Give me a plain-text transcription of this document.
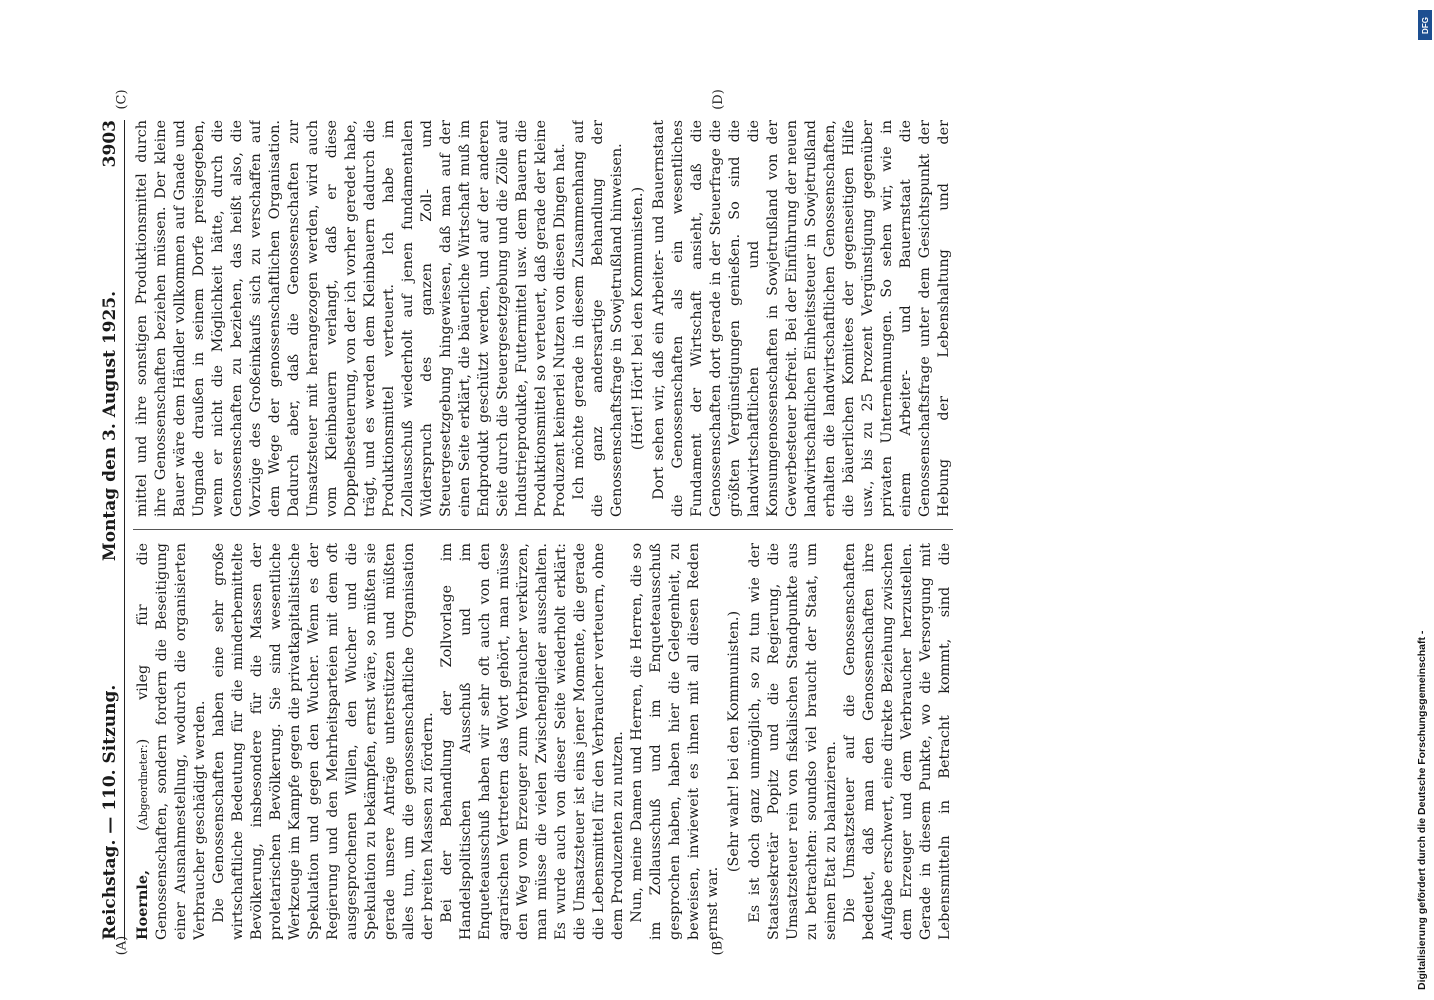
(A)	(B)
(C)	(D)
Reichstag. — 110. Sitzung.
Montag den 3. August 1925.
3903

Hoernle, (Abgeordneter:) vileg für die Genossenschaften, sondern fordern die Beseitigung einer Ausnahmestellung, wodurch die organisierten Verbraucher geschädigt werden. Die Genossenschaften haben eine sehr große wirtschaftliche Bedeutung für die minderbemittelte Bevölkerung, insbesondere für die Massen der proletarischen Bevölkerung. Sie sind wesentliche Werkzeuge im Kampfe gegen die privatkapitalistische Spekulation und gegen den Wucher. Wenn es der Regierung und den Mehrheitsparteien mit dem oft ausgesprochenen Willen, den Wucher und die Spekulation zu bekämpfen, ernst wäre, so müßten sie gerade unsere Anträge unterstützen und müßten alles tun, um die genossenschaftliche Organisation der breiten Massen zu fördern. Bei der Behandlung der Zollvorlage im Handelspolitischen Ausschuß und im Enqueteausschuß haben wir sehr oft auch von den agrarischen Vertretern das Wort gehört, man müsse den Weg vom Erzeuger zum Verbraucher verkürzen, man müsse die vielen Zwischenglieder ausschalten. Es wurde auch von dieser Seite wiederholt erklärt: die Umsatzsteuer ist eins jener Momente, die gerade die Lebensmittel für den Verbraucher verteuern, ohne dem Produzenten zu nutzen. Nun, meine Damen und Herren, die Herren, die so im Zollausschuß und im Enqueteausschuß gesprochen haben, haben hier die Gelegenheit, zu beweisen, inwieweit es ihnen mit all diesen Reden ernst war.

(Sehr wahr! bei den Kommunisten.) Es ist doch ganz unmöglich, so zu tun wie der Staatssekretär Popitz und die Regierung, die Umsatzsteuer rein von fiskalischen Standpunkte aus zu betrachten: soundso viel braucht der Staat, um seinen Etat zu balanzieren. Die Umsatzsteuer auf die Genossenschaften bedeutet, daß man den Genossenschaften ihre Aufgabe erschwert, eine direkte Beziehung zwischen dem Erzeuger und dem Verbraucher herzustellen. Gerade in diesem Punkte, wo die Versorgung mit Lebensmitteln in Betracht kommt, sind die

mittel und ihre sonstigen Produktionsmittel durch ihre Genossenschaften beziehen müssen. Der kleine Bauer wäre dem Händler vollkommen auf Gnade und Ungnade draußen in seinem Dorfe preisgegeben, wenn er nicht die Möglichkeit hätte, durch die Genossenschaften zu beziehen, das heißt also, die Vorzüge des Großeinkaufs sich zu verschaffen auf dem Wege der genossenschaftlichen Organisation. Dadurch aber, daß die Genossenschaften zur Umsatzsteuer mit herangezogen werden, wird auch vom Kleinbauern verlangt, daß er diese Doppelbesteuerung, von der ich vorher geredet habe, trägt, und es werden dem Kleinbauern dadurch die Produktionsmittel verteuert. Ich habe im Zollausschuß wiederholt auf jenen fundamentalen Widerspruch des ganzen Zoll- und Steuergesetzgebung hingewiesen, daß man auf der einen Seite erklärt, die bäuerliche Wirtschaft muß im Endprodukt geschützt werden, und auf der anderen Seite durch die Steuergesetzgebung und die Zölle auf Industrieprodukte, Futtermittel usw. dem Bauern die Produktionsmittel so verteuert, daß gerade der kleine Produzent keinerlei Nutzen von diesen Dingen hat. Ich möchte gerade in diesem Zusammenhang auf die ganz andersartige Behandlung der Genossenschaftsfrage in Sowjetrußland hinweisen. (Hört! Hört! bei den Kommunisten.)

Dort sehen wir, daß ein Arbeiter- und Bauernstaat die Genossenschaften als ein wesentliches Fundament der Wirtschaft ansieht, daß die Genossenschaften dort gerade in der Steuerfrage die größten Vergünstigungen genießen. So sind die landwirtschaftlichen und die Konsumgenossenschaften in Sowjetrußland von der Gewerbesteuer befreit. Bei der Einführung der neuen landwirtschaftlichen Einheitssteuer in Sowjetrußland erhalten die landwirtschaftlichen Genossenschaften, die bäuerlichen Komitees der gegenseitigen Hilfe usw., bis zu 25 Prozent Vergünstigung gegenüber privaten Unternehmungen. So sehen wir, wie in einem Arbeiter- und Bauernstaat die Genossenschaftsfrage unter dem Gesichtspunkt der Hebung der Lebenshaltung und der

Digitalisierung gefördert durch die Deutsche Forschungsgemeinschaft -
DFG
